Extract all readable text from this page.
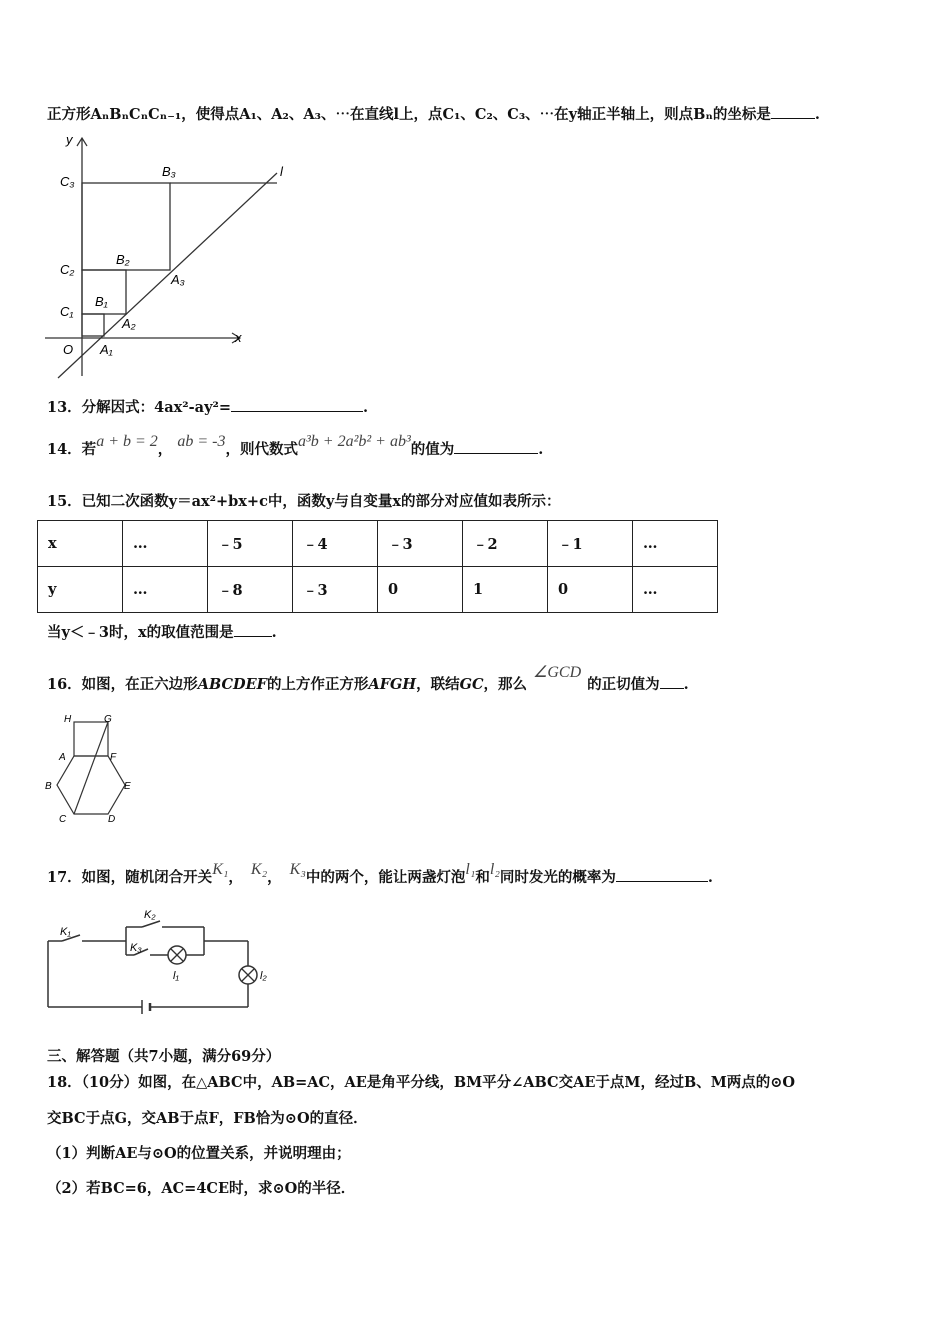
正方形AₙBₙCₙCₙ₋₁，使得点A₁、A₂、A₃、⋯在直线l上，点C₁、C₂、C₃、⋯在y轴正半轴上，则点Bₙ的坐标是	.
y
x
l
O
C₃
C₂
C₁
B₃
B₂
B₁
A₁
A₂
A₃
13．分解因式：4ax²-ay²=	.
14．若a + b = 2， ab = -3，则代数式a³b + 2a²b² + ab³的值为	.
15．已知二次函数y＝ax²+bx+c中，函数y与自变量x的部分对应值如表所示：
x	…	﹣5	﹣4	﹣3	﹣2	﹣1	…
y	…	﹣8	﹣3	0	1	0	…
当y＜﹣3时，x的取值范围是	.
16．如图，在正六边形ABCDEF的上方作正方形AFGH，联结GC，那么∠GCD的正切值为 .
H	G
A	F
B	E
C	D
17．如图，随机闭合开关K₁， K₂， K₃中的两个，能让两盏灯泡l₁和l₂同时发光的概率为	.
K₁
K₂
K₃
l₁	l₂
三、解答题（共7小题，满分69分）
18．（10分）如图，在△ABC中，AB=AC，AE是角平分线，BM平分∠ABC交AE于点M，经过B、M两点的⊙O
交BC于点G，交AB于点F，FB恰为⊙O的直径．
（1）判断AE与⊙O的位置关系，并说明理由；
（2）若BC=6，AC=4CE时，求⊙O的半径．
